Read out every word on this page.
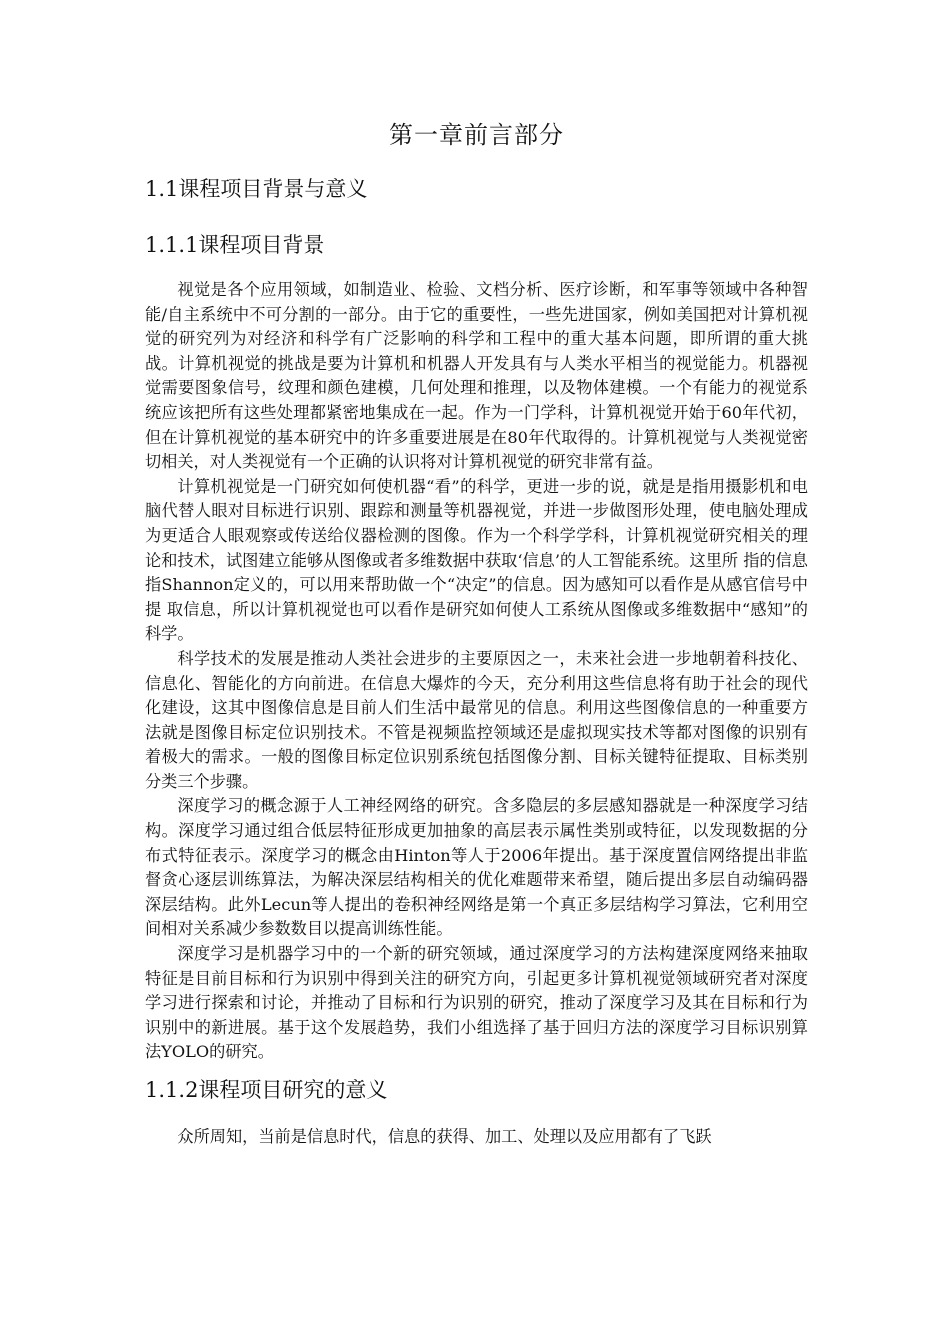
第一章前言部分
1.1课程项目背景与意义
1.1.1课程项目背景

视觉是各个应用领域，如制造业、检验、文档分析、医疗诊断，和军事等领域中各种智能/自主系统中不可分割的一部分。由于它的重要性，一些先进国家，例如美国把对计算机视觉的研究列为对经济和科学有广泛影响的科学和工程中的重大基本问题，即所谓的重大挑战。计算机视觉的挑战是要为计算机和机器人开发具有与人类水平相当的视觉能力。机器视觉需要图象信号，纹理和颜色建模，几何处理和推理，以及物体建模。一个有能力的视觉系统应该把所有这些处理都紧密地集成在一起。作为一门学科，计算机视觉开始于60年代初，但在计算机视觉的基本研究中的许多重要进展是在80年代取得的。计算机视觉与人类视觉密切相关，对人类视觉有一个正确的认识将对计算机视觉的研究非常有益。

计算机视觉是一门研究如何使机器“看”的科学，更进一步的说，就是是指用摄影机和电脑代替人眼对目标进行识别、跟踪和测量等机器视觉，并进一步做图形处理，使电脑处理成为更适合人眼观察或传送给仪器检测的图像。作为一个科学学科，计算机视觉研究相关的理论和技术，试图建立能够从图像或者多维数据中获取‘信息’的人工智能系统。这里所 指的信息指Shannon定义的，可以用来帮助做一个“决定”的信息。因为感知可以看作是从感官信号中提 取信息，所以计算机视觉也可以看作是研究如何使人工系统从图像或多维数据中“感知”的科学。

科学技术的发展是推动人类社会进步的主要原因之一，未来社会进一步地朝着科技化、信息化、智能化的方向前进。在信息大爆炸的今天，充分利用这些信息将有助于社会的现代化建设，这其中图像信息是目前人们生活中最常见的信息。利用这些图像信息的一种重要方法就是图像目标定位识别技术。不管是视频监控领域还是虚拟现实技术等都对图像的识别有着极大的需求。一般的图像目标定位识别系统包括图像分割、目标关键特征提取、目标类别分类三个步骤。

深度学习的概念源于人工神经网络的研究。含多隐层的多层感知器就是一种深度学习结构。深度学习通过组合低层特征形成更加抽象的高层表示属性类别或特征，以发现数据的分布式特征表示。深度学习的概念由Hinton等人于2006年提出。基于深度置信网络提出非监督贪心逐层训练算法，为解决深层结构相关的优化难题带来希望，随后提出多层自动编码器深层结构。此外Lecun等人提出的卷积神经网络是第一个真正多层结构学习算法，它利用空间相对关系减少参数数目以提高训练性能。

深度学习是机器学习中的一个新的研究领域，通过深度学习的方法构建深度网络来抽取特征是目前目标和行为识别中得到关注的研究方向，引起更多计算机视觉领域研究者对深度学习进行探索和讨论，并推动了目标和行为识别的研究，推动了深度学习及其在目标和行为识别中的新进展。基于这个发展趋势，我们小组选择了基于回归方法的深度学习目标识别算法YOLO的研究。

1.1.2课程项目研究的意义

众所周知，当前是信息时代，信息的获得、加工、处理以及应用都有了飞跃
